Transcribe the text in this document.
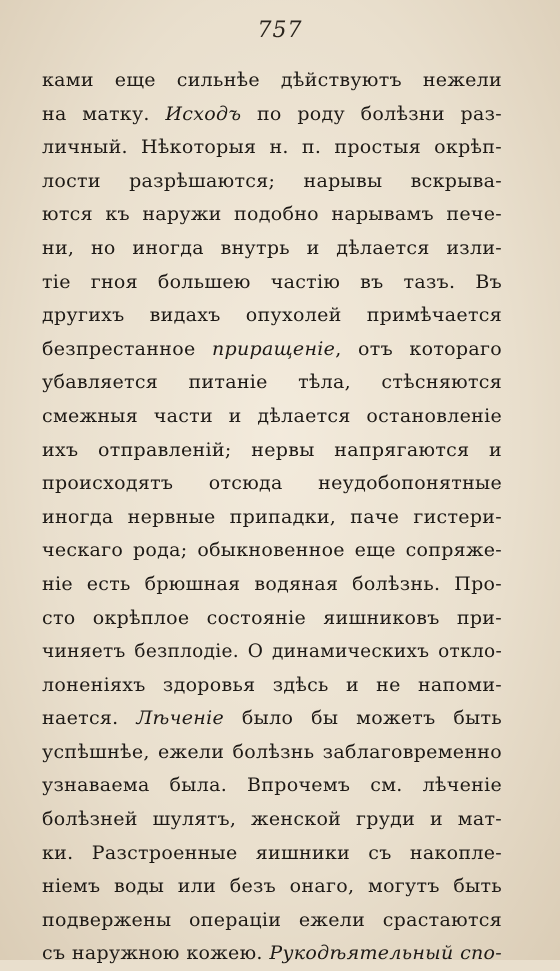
757
ками еще сильнѣе дѣйствуютъ нежели
на матку. Исходъ по роду болѣзни раз-
личный. Нѣкоторыя н. п. простыя окрѣп-
лости разрѣшаются; нарывы вскрыва-
ются къ наружи подобно нарывамъ пече-
ни, но иногда внутрь и дѣлается изли-
тіе гноя большею частію въ тазъ. Въ
другихъ видахъ опухолей примѣчается
безпрестанное приращеніе, отъ котораго
убавляется питаніе тѣла, стѣсняются
смежныя части и дѣлается остановленіе
ихъ отправленій; нервы напрягаются и
происходятъ отсюда неудобопонятные
иногда нервные припадки, паче гистери-
ческаго рода; обыкновенное еще сопряже-
ніе есть брюшная водяная болѣзнь. Про-
сто окрѣплое состояніе яишниковъ при-
чиняетъ безплодіе. О динамическихъ откло-
лоненіяхъ здоровья здѣсь и не напоми-
нается. Лѣченіе было бы можетъ быть
успѣшнѣе, ежели болѣзнь заблаговременно
узнаваема была. Впрочемъ см. лѣченіе
болѣзней шулятъ, женской груди и мат-
ки. Разстроенные яишники съ накопле-
ніемъ воды или безъ онаго, могутъ быть
подвержены операціи ежели срастаются
съ наружною кожею. Рукодѣятельный спо-
